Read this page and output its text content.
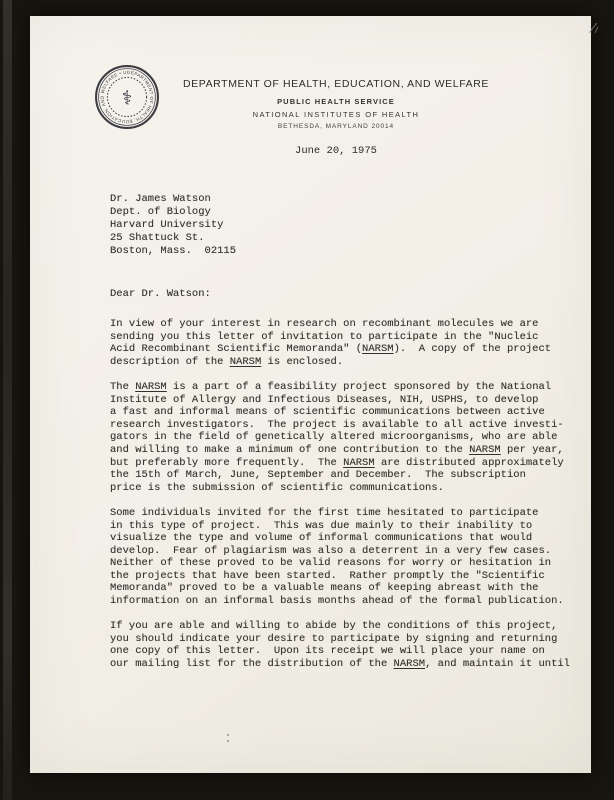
DEPARTMENT OF HEALTH, EDUCATION, AND WELFARE • U
⚕
DEPARTMENT OF HEALTH, EDUCATION, AND WELFARE
PUBLIC HEALTH SERVICE
NATIONAL INSTITUTES OF HEALTH
BETHESDA, MARYLAND 20014
June 20, 1975
Dr. James Watson
Dept. of Biology
Harvard University
25 Shattuck St.
Boston, Mass.  02115
Dear Dr. Watson:
In view of your interest in research on recombinant molecules we are
sending you this letter of invitation to participate in the "Nucleic
Acid Recombinant Scientific Memoranda" (NARSM).  A copy of the project
description of the NARSM is enclosed.
The NARSM is a part of a feasibility project sponsored by the National
Institute of Allergy and Infectious Diseases, NIH, USPHS, to develop
a fast and informal means of scientific communications between active
research investigators.  The project is available to all active investi-
gators in the field of genetically altered microorganisms, who are able
and willing to make a minimum of one contribution to the NARSM per year,
but preferably more frequently.  The NARSM are distributed approximately
the 15th of March, June, September and December.  The subscription
price is the submission of scientific communications.
Some individuals invited for the first time hesitated to participate
in this type of project.  This was due mainly to their inability to
visualize the type and volume of informal communications that would
develop.  Fear of plagiarism was also a deterrent in a very few cases.
Neither of these proved to be valid reasons for worry or hesitation in
the projects that have been started.  Rather promptly the "Scientific
Memoranda" proved to be a valuable means of keeping abreast with the
information on an informal basis months ahead of the formal publication.
If you are able and willing to abide by the conditions of this project,
you should indicate your desire to participate by signing and returning
one copy of this letter.  Upon its receipt we will place your name on
our mailing list for the distribution of the NARSM, and maintain it until
